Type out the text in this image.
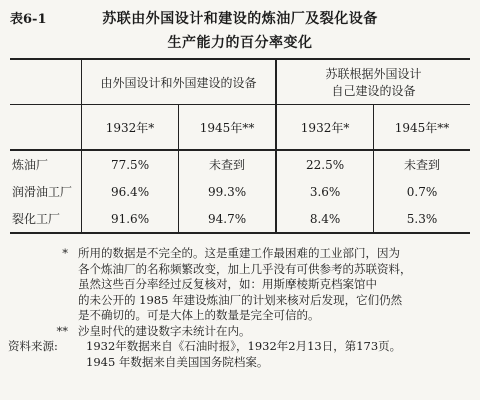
表6-1	苏联由外国设计和建设的炼油厂及裂化设备
生产能力的百分率变化
	由外国设计和外国建设的设备		苏联根据外国设计
自己建设的设备	

	1932年*	1945年**	1932年*	1945年**
炼油厂	77.5%	未查到	22.5%	未查到
润滑油工厂	96.4%	99.3%	3.6%	0.7%
裂化工厂	91.6%	94.7%	8.4%	5.3%
* 所用的数据是不完全的。这是重建工作最困难的工业部门，因为
各个炼油厂的名称频繁改变，加上几乎没有可供参考的苏联资料，
虽然这些百分率经过反复核对，如：用斯摩棱斯克档案馆中
的未公开的 1985 年建设炼油厂的计划来核对后发现，它们仍然
是不确切的。可是大体上的数量是完全可信的。
** 沙皇时代的建设数字未统计在内。
资料来源:	1932年数据来自《石油时报》，1932年2月13日，第173页。
1945 年数据来自美国国务院档案。
